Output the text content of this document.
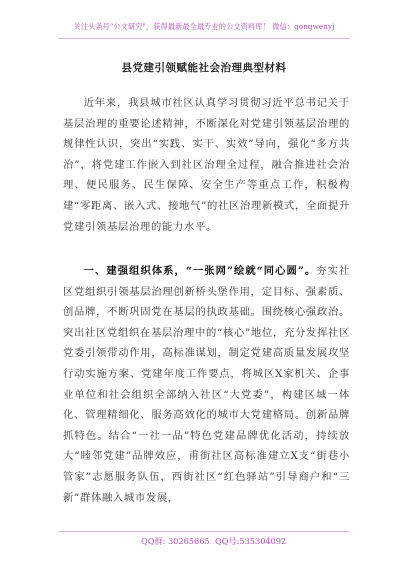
关注头条号"公文研究"，获得最新最全最专业的公文资料库！ 微信：gongwenyj
县党建引领赋能社会治理典型材料
近年来，我县城市社区认真学习贯彻习近平总书记关于基层治理的重要论述精神，不断深化对党建引领基层治理的规律性认识，突出“实践、实干、实效”导向，强化“多方共治”，将党建工作嵌入到社区治理全过程，融合推进社会治理、便民服务、民生保障、安全生产等重点工作，积极构建“零距离、嵌入式、接地气”的社区治理新模式，全面提升党建引领基层治理的能力水平。
一、建强组织体系，“一张网”绘就“同心圆”。夯实社区党组织引领基层治理创新桥头堡作用，定目标、强素质、创品牌，不断巩固党在基层的执政基础。围绕核心强政治。突出社区党组织在基层治理中的“核心”地位，充分发挥社区党委引领带动作用，高标准谋划，制定党建高质量发展攻坚行动实施方案、党建年度工作要点，将城区X家机关、企事业单位和社会组织全部纳入社区“大党委”，构建区域一体化、管理精细化、服务高效化的城市大党建格局。创新品牌抓特色。结合“一社一品”特色党建品牌优化活动，持续放大“睦邻党建”品牌效应，甫街社区高标准建立X支“街巷小管家”志愿服务队伍，西街社区“红色驿站”引导商户和“三新”群体融入城市发展，
QQ群: 30265665 QQ号:535304092
